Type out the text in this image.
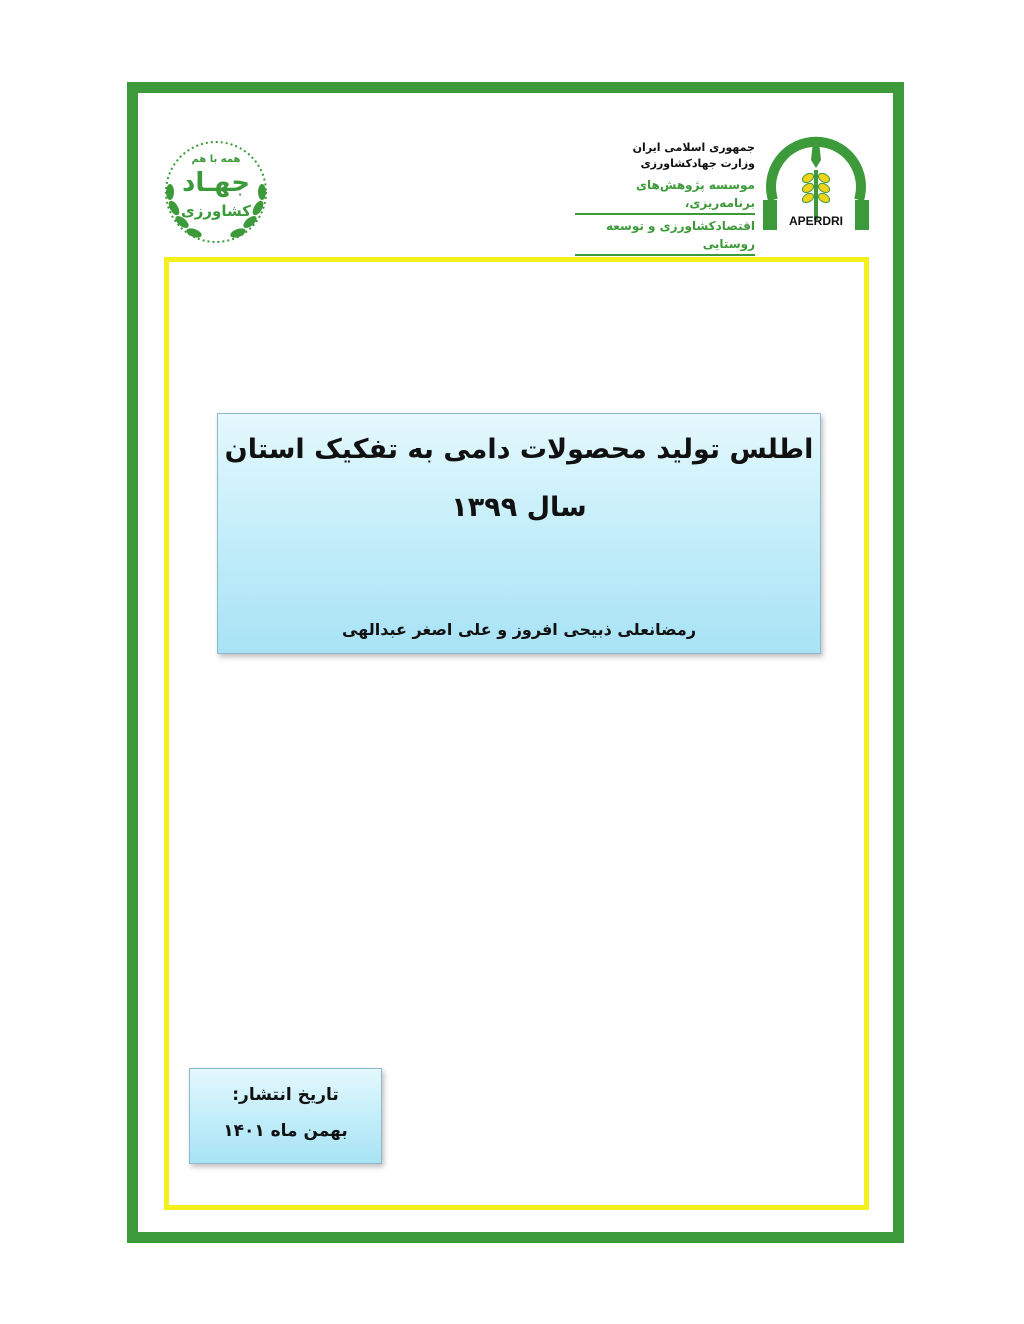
APERDRI
جمهوری اسلامی ایران
وزارت جهادکشاورزی
موسسه پژوهش‌های برنامه‌ریزی،
اقتصادکشاورزی و توسعه روستایی
همه با هم
جهـاد
کشاورزی
اطلس تولید محصولات دامی به تفکیک استان
سال ۱۳۹۹
رمضانعلی ذبیحی افروز و علی اصغر عبدالهی
تاریخ انتشار:
بهمن ماه ۱۴۰۱
